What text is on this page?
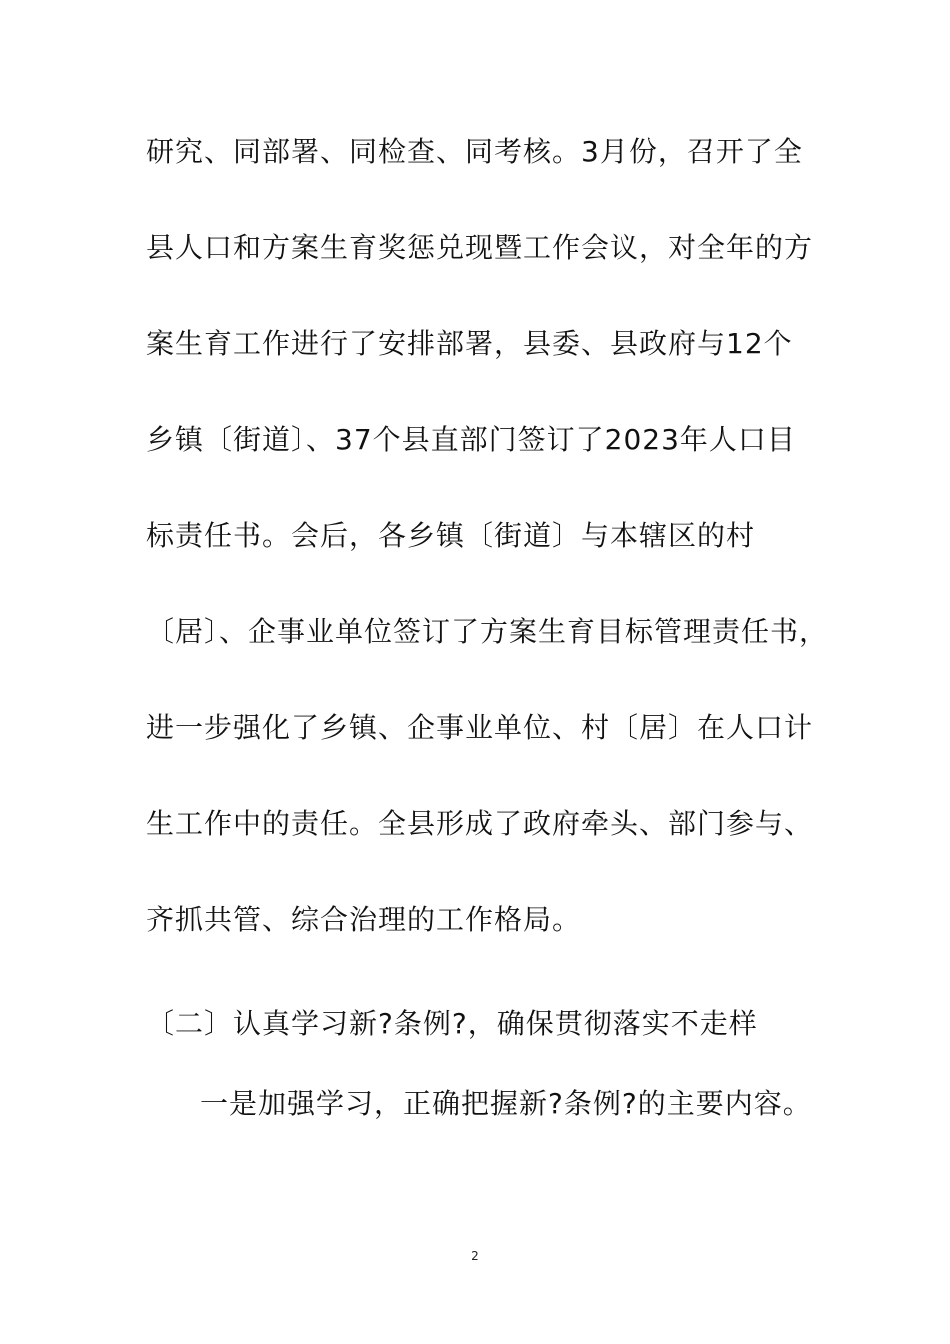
研究、同部署、同检查、同考核。3月份，召开了全
县人口和方案生育奖惩兑现暨工作会议，对全年的方
案生育工作进行了安排部署，县委、县政府与12个
乡镇〔街道〕、37个县直部门签订了2023年人口目
标责任书。会后，各乡镇〔街道〕与本辖区的村
〔居〕、企事业单位签订了方案生育目标管理责任书，
进一步强化了乡镇、企事业单位、村〔居〕在人口计
生工作中的责任。全县形成了政府牵头、部门参与、
齐抓共管、综合治理的工作格局。
〔二〕认真学习新?条例?，确保贯彻落实不走样
一是加强学习，正确把握新?条例?的主要内容。
2
